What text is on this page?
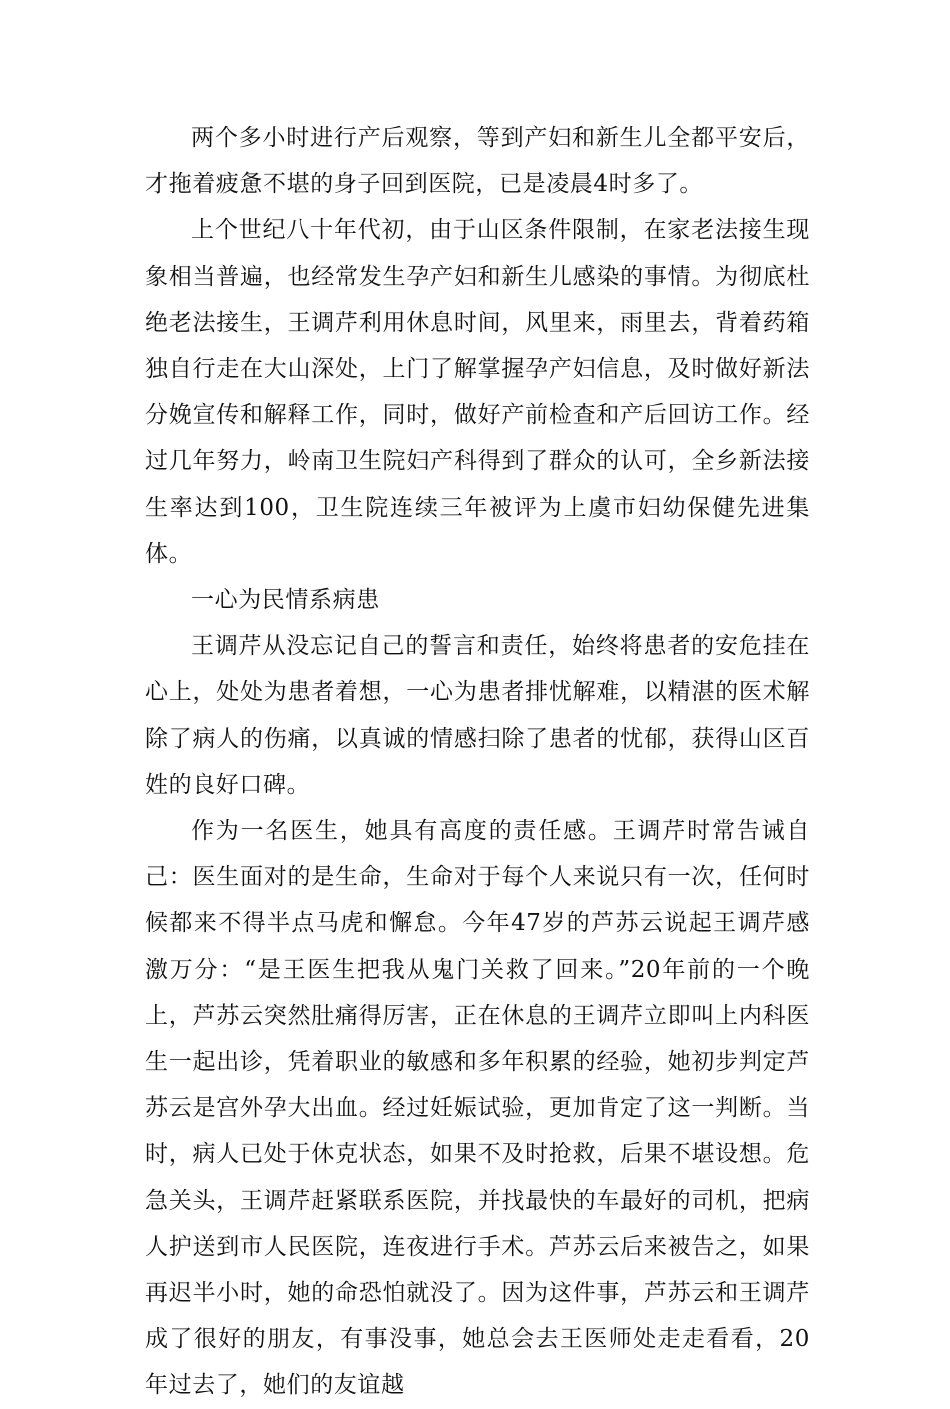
两个多小时进行产后观察，等到产妇和新生儿全都平安后，才拖着疲惫不堪的身子回到医院，已是凌晨4时多了。

上个世纪八十年代初，由于山区条件限制，在家老法接生现象相当普遍，也经常发生孕产妇和新生儿感染的事情。为彻底杜绝老法接生，王调芹利用休息时间，风里来，雨里去，背着药箱独自行走在大山深处，上门了解掌握孕产妇信息，及时做好新法分娩宣传和解释工作，同时，做好产前检查和产后回访工作。经过几年努力，岭南卫生院妇产科得到了群众的认可，全乡新法接生率达到100，卫生院连续三年被评为上虞市妇幼保健先进集体。

一心为民情系病患

王调芹从没忘记自己的誓言和责任，始终将患者的安危挂在心上，处处为患者着想，一心为患者排忧解难，以精湛的医术解除了病人的伤痛，以真诚的情感扫除了患者的忧郁，获得山区百姓的良好口碑。

作为一名医生，她具有高度的责任感。王调芹时常告诫自己：医生面对的是生命，生命对于每个人来说只有一次，任何时候都来不得半点马虎和懈怠。今年47岁的芦苏云说起王调芹感激万分：“是王医生把我从鬼门关救了回来。”20年前的一个晚上，芦苏云突然肚痛得厉害，正在休息的王调芹立即叫上内科医生一起出诊，凭着职业的敏感和多年积累的经验，她初步判定芦苏云是宫外孕大出血。经过妊娠试验，更加肯定了这一判断。当时，病人已处于休克状态，如果不及时抢救，后果不堪设想。危急关头，王调芹赶紧联系医院，并找最快的车最好的司机，把病人护送到市人民医院，连夜进行手术。芦苏云后来被告之，如果再迟半小时，她的命恐怕就没了。因为这件事，芦苏云和王调芹成了很好的朋友，有事没事，她总会去王医师处走走看看，20年过去了，她们的友谊越
